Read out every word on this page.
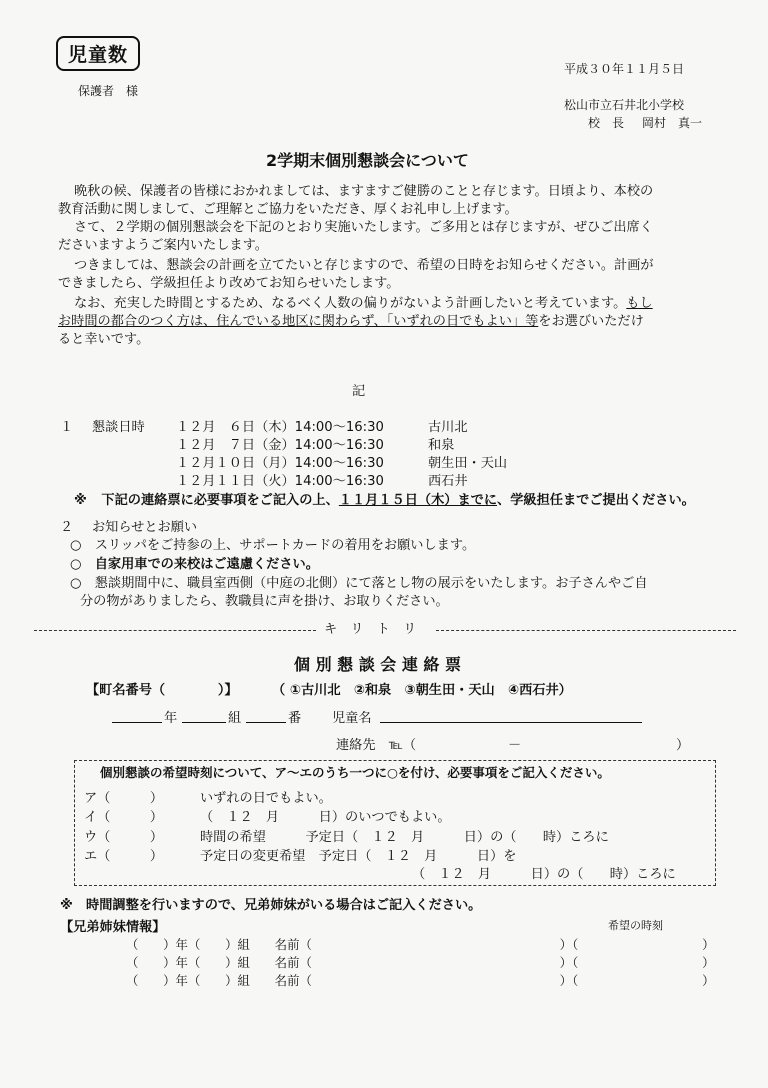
児童数
保護者　様
平成３０年１１月５日
松山市立石井北小学校
校　長 岡村　真一
2学期末個別懇談会について
晩秋の候、保護者の皆様におかれましては、ますますご健勝のことと存じます。日頃より、本校の
教育活動に関しまして、ご理解とご協力をいただき、厚くお礼申し上げます。
さて、２学期の個別懇談会を下記のとおり実施いたします。ご多用とは存じますが、ぜひご出席く
ださいますようご案内いたします。
つきましては、懇談会の計画を立てたいと存じますので、希望の日時をお知らせください。計画が
できましたら、学級担任より改めてお知らせいたします。
なお、充実した時間とするため、なるべく人数の偏りがないよう計画したいと考えています。もし
お時間の都合のつく方は、住んでいる地区に関わらず、「いずれの日でもよい」等をお選びいただけ
ると幸いです。
記
１ 懇談日時 １２月　６日（木）14:00～16:30	古川北
１２月　７日（金）14:00～16:30	和泉
１２月１０日（月）14:00～16:30	朝生田・天山
１２月１１日（火）14:00～16:30	西石井
※ 下記の連絡票に必要事項をご記入の上、１１月１５日（木）までに、学級担任までご提出ください。
２ お知らせとお願い
○　スリッパをご持参の上、サポートカードの着用をお願いします。
○　自家用車での来校はご遠慮ください。
○　懇談期間中に、職員室西側（中庭の北側）にて落とし物の展示をいたします。お子さんやご自
分の物がありましたら、教職員に声を掛け、お取りください。
キ　リ　ト　リ
個 別 懇 談 会 連 絡 票
【町名番号（　　　　）】	（ ①古川北　②和泉　③朝生田・天山　④西石井）
年	組	番 児童名
連絡先　℡（	－	）
個別懇談の希望時刻について、ア～エのうち一つに○を付け、必要事項をご記入ください。
ア（　　　）	いずれの日でもよい。
イ（　　　）	（　１２　月　　　日）のいつでもよい。
ウ（　　　）	時間の希望　　　予定日（　１２　月　　　日）の（　　時）ころに
エ（　　　）	予定日の変更希望　予定日（　１２　月　　　日）を
（　１２　月　　　日）の（　　時）ころに
※　時間調整を行いますので、兄弟姉妹がいる場合はご記入ください。
希望の時刻
【兄弟姉妹情報】
（　　）年（　　）組　　名前（　　　　　　　　　　　　　　　　　　　　）（　　　　　　　　　　）
（　　）年（　　）組　　名前（　　　　　　　　　　　　　　　　　　　　）（　　　　　　　　　　）
（　　）年（　　）組　　名前（　　　　　　　　　　　　　　　　　　　　）（　　　　　　　　　　）
